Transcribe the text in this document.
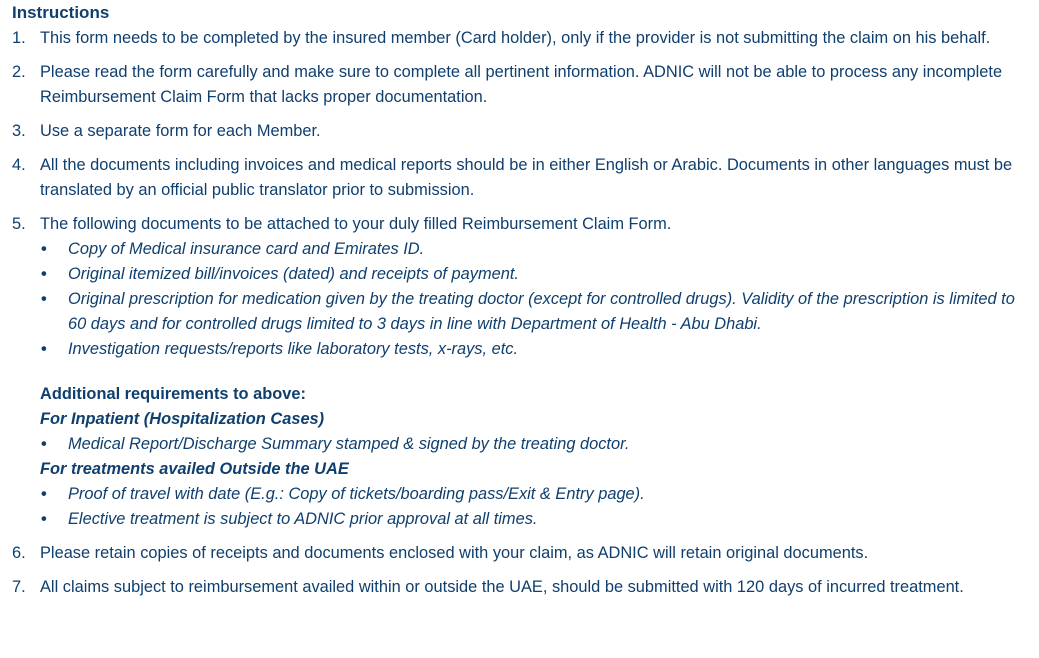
Instructions
1. This form needs to be completed by the insured member (Card holder), only if the provider is not submitting the claim on his behalf.
2. Please read the form carefully and make sure to complete all pertinent information. ADNIC will not be able to process any incomplete Reimbursement Claim Form that lacks proper documentation.
3. Use a separate form for each Member.
4. All the documents including invoices and medical reports should be in either English or Arabic. Documents in other languages must be translated by an official public translator prior to submission.
5. The following documents to be attached to your duly filled Reimbursement Claim Form.
• Copy of Medical insurance card and Emirates ID.
• Original itemized bill/invoices (dated) and receipts of payment.
• Original prescription for medication given by the treating doctor (except for controlled drugs). Validity of the prescription is limited to 60 days and for controlled drugs limited to 3 days in line with Department of Health - Abu Dhabi.
• Investigation requests/reports like laboratory tests, x-rays, etc.
Additional requirements to above:
For Inpatient (Hospitalization Cases)
• Medical Report/Discharge Summary stamped & signed by the treating doctor.
For treatments availed Outside the UAE
• Proof of travel with date (E.g.: Copy of tickets/boarding pass/Exit & Entry page).
• Elective treatment is subject to ADNIC prior approval at all times.
6. Please retain copies of receipts and documents enclosed with your claim, as ADNIC will retain original documents.
7. All claims subject to reimbursement availed within or outside the UAE, should be submitted with 120 days of incurred treatment.
